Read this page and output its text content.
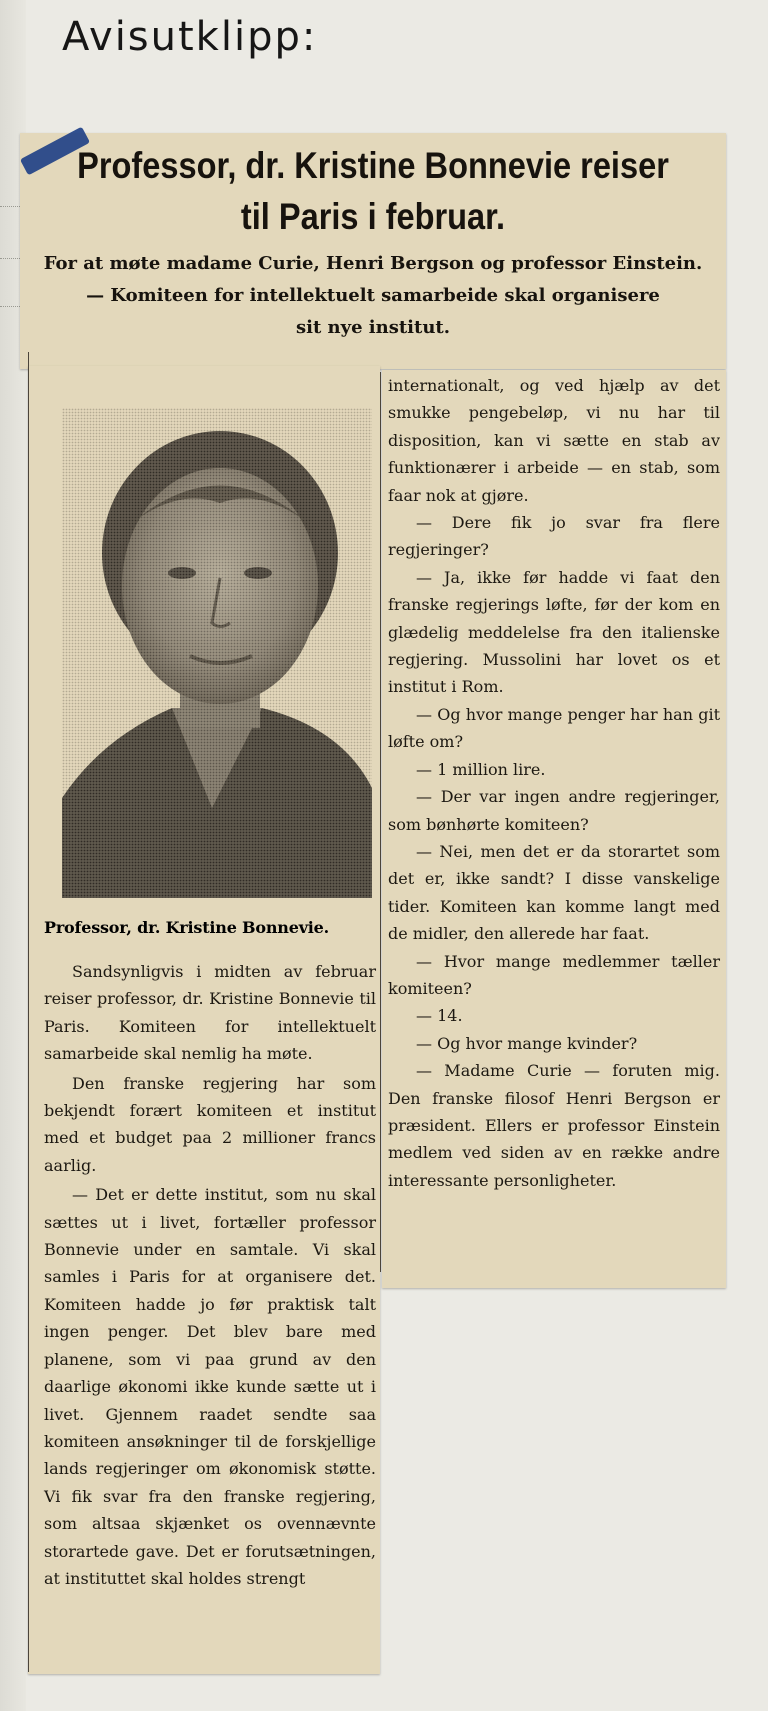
Avisutklipp:
Professor, dr. Kristine Bonnevie reiser
til Paris i februar.

For at møte madame Curie, Henri Bergson og professor Einstein.
— Komiteen for intellektuelt samarbeide skal organisere
sit nye institut.

Professor, dr. Kristine Bonnevie.

Sandsynligvis i midten av februar reiser professor, dr. Kristine Bonnevie til Paris. Komiteen for intellektuelt samarbeide skal nemlig ha møte.

Den franske regjering har som bekjendt forært komiteen et institut med et budget paa 2 millioner francs aarlig.

— Det er dette institut, som nu skal sættes ut i livet, fortæller professor Bonnevie under en samtale. Vi skal samles i Paris for at organisere det. Komiteen hadde jo før praktisk talt ingen penger. Det blev bare med planene, som vi paa grund av den daarlige økonomi ikke kunde sætte ut i livet. Gjennem raadet sendte saa komiteen ansøkninger til de forskjellige lands regjeringer om økonomisk støtte. Vi fik svar fra den franske regjering, som altsaa skjænket os ovennævnte storartede gave. Det er forutsætningen, at instituttet skal holdes strengt

internationalt, og ved hjælp av det smukke pengebeløp, vi nu har til disposition, kan vi sætte en stab av funktionærer i arbeide — en stab, som faar nok at gjøre.

— Dere fik jo svar fra flere regjeringer?

— Ja, ikke før hadde vi faat den franske regjerings løfte, før der kom en glædelig meddelelse fra den italienske regjering. Mussolini har lovet os et institut i Rom.

— Og hvor mange penger har han git løfte om?

— 1 million lire.

— Der var ingen andre regjeringer, som bønhørte komiteen?

— Nei, men det er da storartet som det er, ikke sandt? I disse vanskelige tider. Komiteen kan komme langt med de midler, den allerede har faat.

— Hvor mange medlemmer tæller komiteen?

— 14.

— Og hvor mange kvinder?

— Madame Curie — foruten mig. Den franske filosof Henri Bergson er præsident. Ellers er professor Einstein medlem ved siden av en række andre interessante personligheter.
